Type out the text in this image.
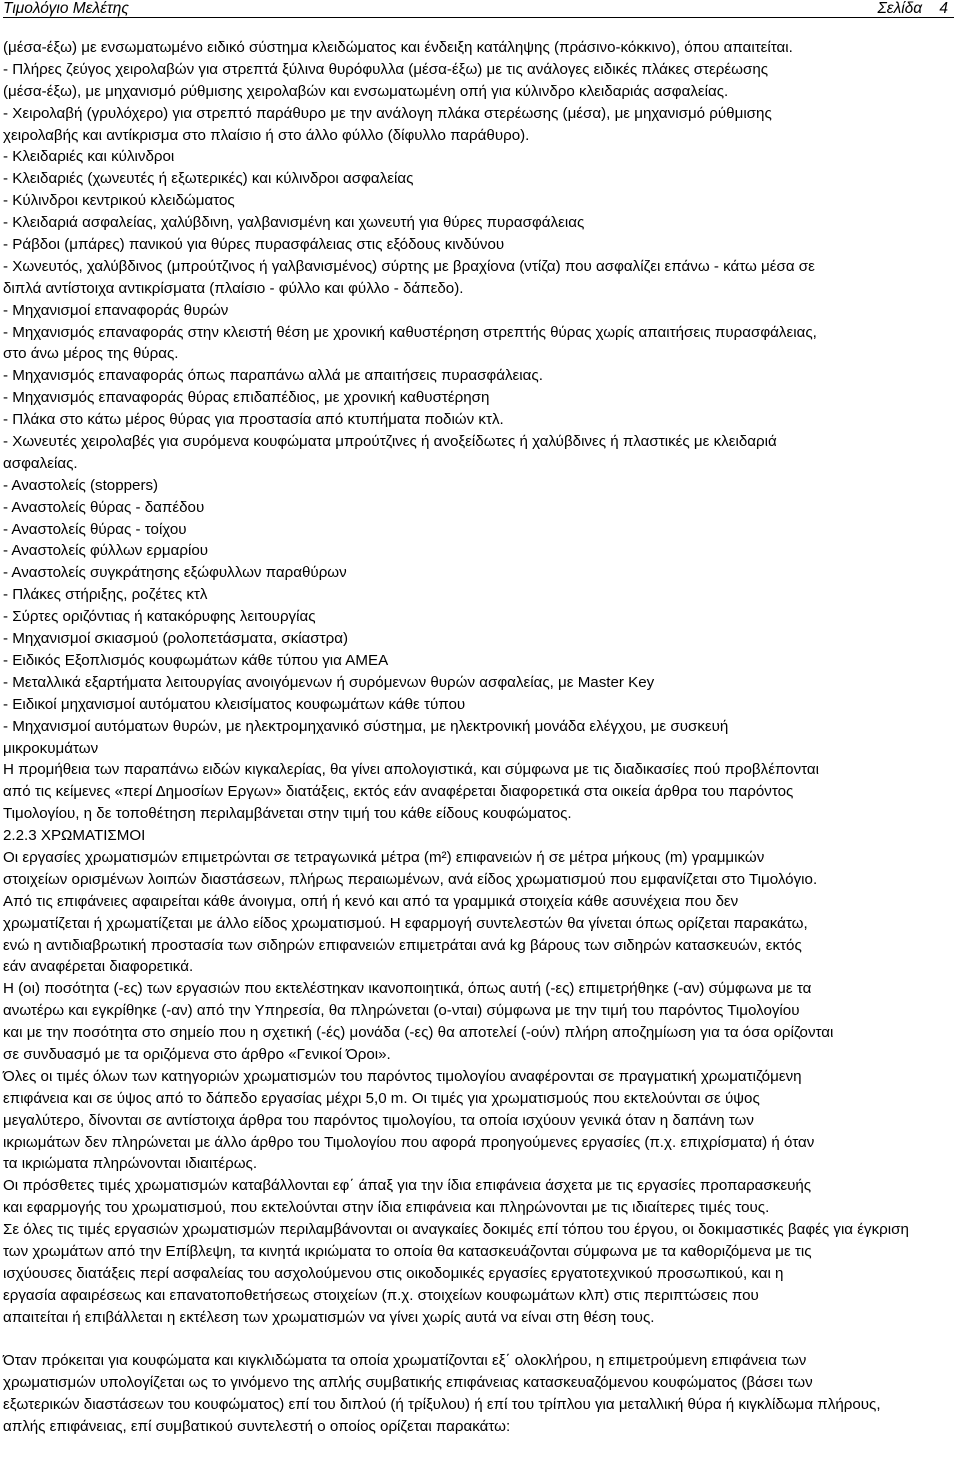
Τιμολόγιο Μελέτης	Σελίδα 4
(μέσα-έξω) με ενσωματωμένο ειδικό σύστημα κλειδώματος και ένδειξη κατάληψης (πράσινο-κόκκινο), όπου απαιτείται.
- Πλήρες ζεύγος χειρολαβών για στρεπτά ξύλινα θυρόφυλλα (μέσα-έξω) με τις ανάλογες ειδικές πλάκες στερέωσης
(μέσα-έξω), με μηχανισμό ρύθμισης χειρολαβών και ενσωματωμένη οπή για κύλινδρο κλειδαριάς ασφαλείας.
- Χειρολαβή (γρυλόχερο) για στρεπτό παράθυρο με την ανάλογη πλάκα στερέωσης (μέσα), με μηχανισμό ρύθμισης
χειρολαβής και αντίκρισμα στο πλαίσιο ή στο άλλο φύλλο (δίφυλλο παράθυρο).
- Κλειδαριές και κύλινδροι
- Κλειδαριές (χωνευτές ή εξωτερικές) και κύλινδροι ασφαλείας
- Κύλινδροι κεντρικού κλειδώματος
- Κλειδαριά ασφαλείας, χαλύβδινη, γαλβανισμένη και χωνευτή για θύρες πυρασφάλειας
- Ράβδοι (μπάρες) πανικού για θύρες πυρασφάλειας στις εξόδους κινδύνου
- Χωνευτός, χαλύβδινος (μπρούτζινος ή γαλβανισμένος) σύρτης με βραχίονα (ντίζα) που ασφαλίζει επάνω - κάτω μέσα σε
διπλά αντίστοιχα αντικρίσματα (πλαίσιο - φύλλο και φύλλο - δάπεδο).
- Μηχανισμοί επαναφοράς θυρών
- Μηχανισμός επαναφοράς στην κλειστή θέση με χρονική καθυστέρηση στρεπτής θύρας χωρίς απαιτήσεις πυρασφάλειας,
στο άνω μέρος της θύρας.
- Μηχανισμός επαναφοράς όπως παραπάνω αλλά με απαιτήσεις πυρασφάλειας.
- Μηχανισμός επαναφοράς θύρας επιδαπέδιος, με χρονική καθυστέρηση
- Πλάκα στο κάτω μέρος θύρας για προστασία από κτυπήματα ποδιών κτλ.
- Χωνευτές χειρολαβές για συρόμενα κουφώματα μπρούτζινες ή ανοξείδωτες ή χαλύβδινες ή πλαστικές με κλειδαριά
ασφαλείας.
- Αναστολείς (stoppers)
- Αναστολείς θύρας - δαπέδου
- Αναστολείς θύρας - τοίχου
- Αναστολείς φύλλων ερμαρίου
- Αναστολείς συγκράτησης εξώφυλλων παραθύρων
- Πλάκες στήριξης, ροζέτες κτλ
- Σύρτες οριζόντιας ή κατακόρυφης λειτουργίας
- Μηχανισμοί σκιασμού (ρολοπετάσματα, σκίαστρα)
- Ειδικός Εξοπλισμός κουφωμάτων κάθε τύπου για ΑΜΕΑ
- Μεταλλικά εξαρτήματα λειτουργίας ανοιγόμενων ή συρόμενων θυρών ασφαλείας, με Master Key
- Ειδικοί μηχανισμοί αυτόματου κλεισίματος κουφωμάτων κάθε τύπου
- Μηχανισμοί αυτόματων θυρών, με ηλεκτρομηχανικό σύστημα, με ηλεκτρονική μονάδα ελέγχου, με συσκευή
μικροκυμάτων
Η προμήθεια των παραπάνω ειδών κιγκαλερίας, θα γίνει απολογιστικά, και σύμφωνα με τις διαδικασίες πού προβλέπονται
από τις κείμενες «περί Δημοσίων Εργων» διατάξεις, εκτός εάν αναφέρεται διαφορετικά στα οικεία άρθρα του παρόντος
Τιμολογίου, η δε τοποθέτηση περιλαμβάνεται στην τιμή του κάθε είδους κουφώματος.
2.2.3 ΧΡΩΜΑΤΙΣΜΟΙ
Οι εργασίες χρωματισμών επιμετρώνται σε τετραγωνικά μέτρα (m²) επιφανειών ή σε μέτρα μήκους (m) γραμμικών
στοιχείων ορισμένων λοιπών διαστάσεων, πλήρως περαιωμένων, ανά είδος χρωματισμού που εμφανίζεται στο Τιμολόγιο.
Από τις επιφάνειες αφαιρείται κάθε άνοιγμα, οπή ή κενό και από τα γραμμικά στοιχεία κάθε ασυνέχεια που δεν
χρωματίζεται ή χρωματίζεται με άλλο είδος χρωματισμού. Η εφαρμογή συντελεστών θα γίνεται όπως ορίζεται παρακάτω,
ενώ η αντιδιαβρωτική προστασία των σιδηρών επιφανειών επιμετράται ανά kg βάρους των σιδηρών κατασκευών, εκτός
εάν αναφέρεται διαφορετικά.
Η (οι) ποσότητα (-ες) των εργασιών που εκτελέστηκαν ικανοποιητικά, όπως αυτή (-ες) επιμετρήθηκε (-αν) σύμφωνα με τα
ανωτέρω και εγκρίθηκε (-αν) από την Υπηρεσία, θα πληρώνεται (ο-νται) σύμφωνα με την τιμή του παρόντος Τιμολογίου
και με την ποσότητα στο σημείο που η σχετική (-ές) μονάδα (-ες) θα αποτελεί (-ούν) πλήρη αποζημίωση για τα όσα ορίζονται
σε συνδυασμό με τα οριζόμενα στο άρθρο «Γενικοί Όροι».
Όλες οι τιμές όλων των κατηγοριών χρωματισμών του παρόντος τιμολογίου αναφέρονται σε πραγματική χρωματιζόμενη
επιφάνεια και σε ύψος από το δάπεδο εργασίας μέχρι 5,0 m. Οι τιμές για χρωματισμούς που εκτελούνται σε ύψος
μεγαλύτερο, δίνονται σε αντίστοιχα άρθρα του παρόντος τιμολογίου, τα οποία ισχύουν γενικά όταν η δαπάνη των
ικριωμάτων δεν πληρώνεται με άλλο άρθρο του Τιμολογίου που αφορά προηγούμενες εργασίες (π.χ. επιχρίσματα) ή όταν
τα ικριώματα πληρώνονται ιδιαιτέρως.
Οι πρόσθετες τιμές χρωματισμών καταβάλλονται εφ΄ άπαξ για την ίδια επιφάνεια άσχετα με τις εργασίες προπαρασκευής
και εφαρμογής του χρωματισμού, που εκτελούνται στην ίδια επιφάνεια και πληρώνονται με τις ιδιαίτερες τιμές τους.
Σε όλες τις τιμές εργασιών χρωματισμών περιλαμβάνονται οι αναγκαίες δοκιμές επί τόπου του έργου, οι δοκιμαστικές βαφές για έγκριση
των χρωμάτων από την Επίβλεψη, τα κινητά ικριώματα το οποία θα κατασκευάζονται σύμφωνα με τα καθοριζόμενα με τις
ισχύουσες διατάξεις περί ασφαλείας του ασχολούμενου στις οικοδομικές εργασίες εργατοτεχνικού προσωπικού, και η
εργασία αφαιρέσεως και επανατοποθετήσεως στοιχείων (π.χ. στοιχείων κουφωμάτων κλπ) στις περιπτώσεις που
απαιτείται ή επιβάλλεται η εκτέλεση των χρωματισμών να γίνει χωρίς αυτά να είναι στη θέση τους.
Όταν πρόκειται για κουφώματα και κιγκλιδώματα τα οποία χρωματίζονται εξ΄ ολοκλήρου, η επιμετρούμενη επιφάνεια των
χρωματισμών υπολογίζεται ως το γινόμενο της απλής συμβατικής επιφάνειας κατασκευαζόμενου κουφώματος (βάσει των
εξωτερικών διαστάσεων του κουφώματος) επί του διπλού (ή τρίξυλου) ή επί του τρίπλου για μεταλλική θύρα ή κιγκλίδωμα πλήρους,
απλής επιφάνειας, επί συμβατικού συντελεστή ο οποίος ορίζεται παρακάτω:
